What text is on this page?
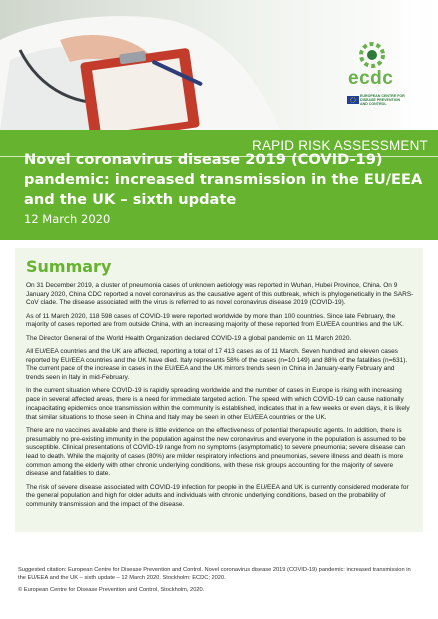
ecdc
EUROPEAN CENTRE FOR
DISEASE PREVENTION
AND CONTROL
RAPID RISK ASSESSMENT
Novel coronavirus disease 2019 (COVID-19) pandemic: increased transmission in the EU/EEA and the UK – sixth update
12 March 2020
Summary

On 31 December 2019, a cluster of pneumonia cases of unknown aetiology was reported in Wuhan, Hubei Province, China. On 9 January 2020, China CDC reported a novel coronavirus as the causative agent of this outbreak, which is phylogenetically in the SARS-CoV clade. The disease associated with the virus is referred to as novel coronavirus disease 2019 (COVID-19).

As of 11 March 2020, 118 598 cases of COVID-19 were reported worldwide by more than 100 countries. Since late February, the majority of cases reported are from outside China, with an increasing majority of these reported from EU/EEA countries and the UK.

The Director General of the World Health Organization declared COVID-19 a global pandemic on 11 March 2020.

All EU/EEA countries and the UK are affected, reporting a total of 17 413 cases as of 11 March. Seven hundred and eleven cases reported by EU/EEA countries and the UK have died. Italy represents 58% of the cases (n=10 149) and 88% of the fatalities (n=631). The current pace of the increase in cases in the EU/EEA and the UK mirrors trends seen in China in January-early February and trends seen in Italy in mid-February.

In the current situation where COVID-19 is rapidly spreading worldwide and the number of cases in Europe is rising with increasing pace in several affected areas, there is a need for immediate targeted action. The speed with which COVID-19 can cause nationally incapacitating epidemics once transmission within the community is established, indicates that in a few weeks or even days, it is likely that similar situations to those seen in China and Italy may be seen in other EU/EEA countries or the UK.

There are no vaccines available and there is little evidence on the effectiveness of potential therapeutic agents. In addition, there is presumably no pre-existing immunity in the population against the new coronavirus and everyone in the population is assumed to be susceptible. Clinical presentations of COVID-19 range from no symptoms (asymptomatic) to severe pneumonia; severe disease can lead to death. While the majority of cases (80%) are milder respiratory infections and pneumonias, severe illness and death is more common among the elderly with other chronic underlying conditions, with these risk groups accounting for the majority of severe disease and fatalities to date.

The risk of severe disease associated with COVID-19 infection for people in the EU/EEA and UK is currently considered moderate for the general population and high for older adults and individuals with chronic underlying conditions, based on the probability of community transmission and the impact of the disease.

Suggested citation: European Centre for Disease Prevention and Control. Novel coronavirus disease 2019 (COVID-19) pandemic: increased transmission in the EU/EEA and the UK – sixth update – 12 March 2020. Stockholm: ECDC; 2020.

© European Centre for Disease Prevention and Control, Stockholm, 2020.
